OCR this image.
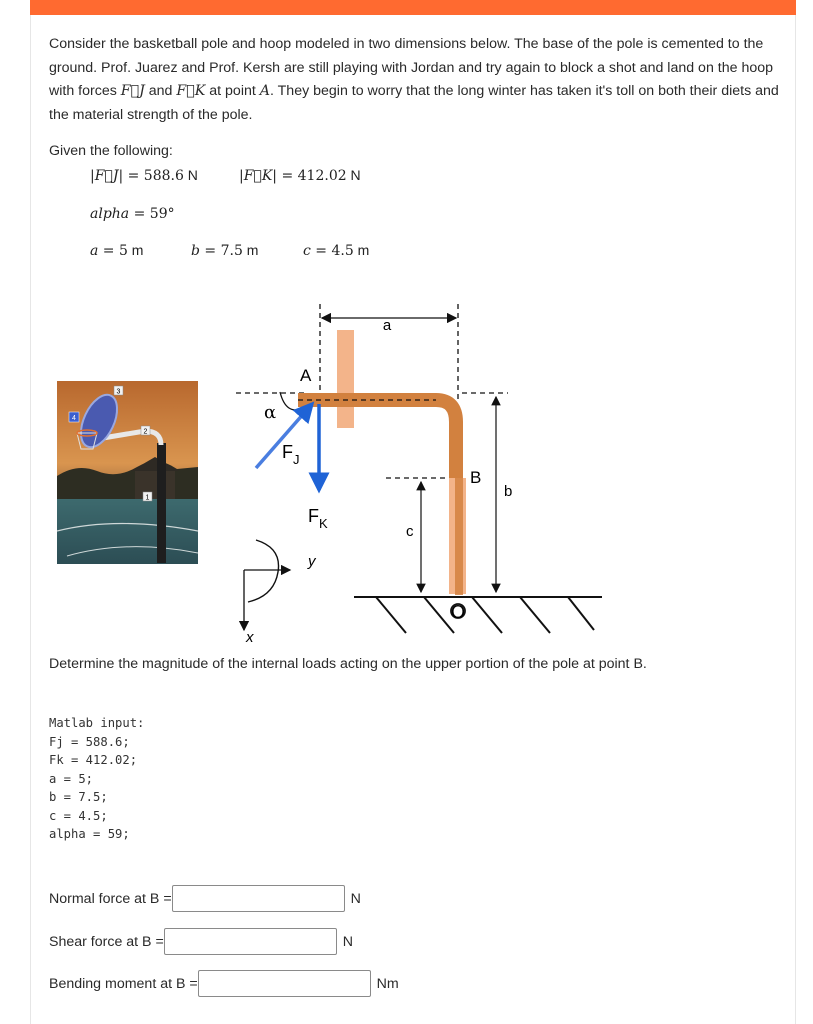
Consider the basketball pole and hoop modeled in two dimensions below. The base of the pole is cemented to the ground. Prof. Juarez and Prof. Kersh are still playing with Jordan and try again to block a shot and land on the hoop with forces F⃗J and F⃗K at point A. They begin to worry that the long winter has taken it's toll on both their diets and the material strength of the pole.
Given the following:
|F⃗J| = 588.6 N	|F⃗K| = 412.02 N
alpha = 59°
a = 5 m	b = 7.5 m	c = 4.5 m
3
2
4
1
a
A
α
$F_J$
$F_K$
B
b
c
O
y
x
Determine the magnitude of the internal loads acting on the upper portion of the pole at point B.
Matlab input:
Fj = 588.6;
Fk = 412.02;
a = 5;
b = 7.5;
c = 4.5;
alpha = 59;
Normal force at B =	N
Shear force at B =	N
Bending moment at B =	Nm
